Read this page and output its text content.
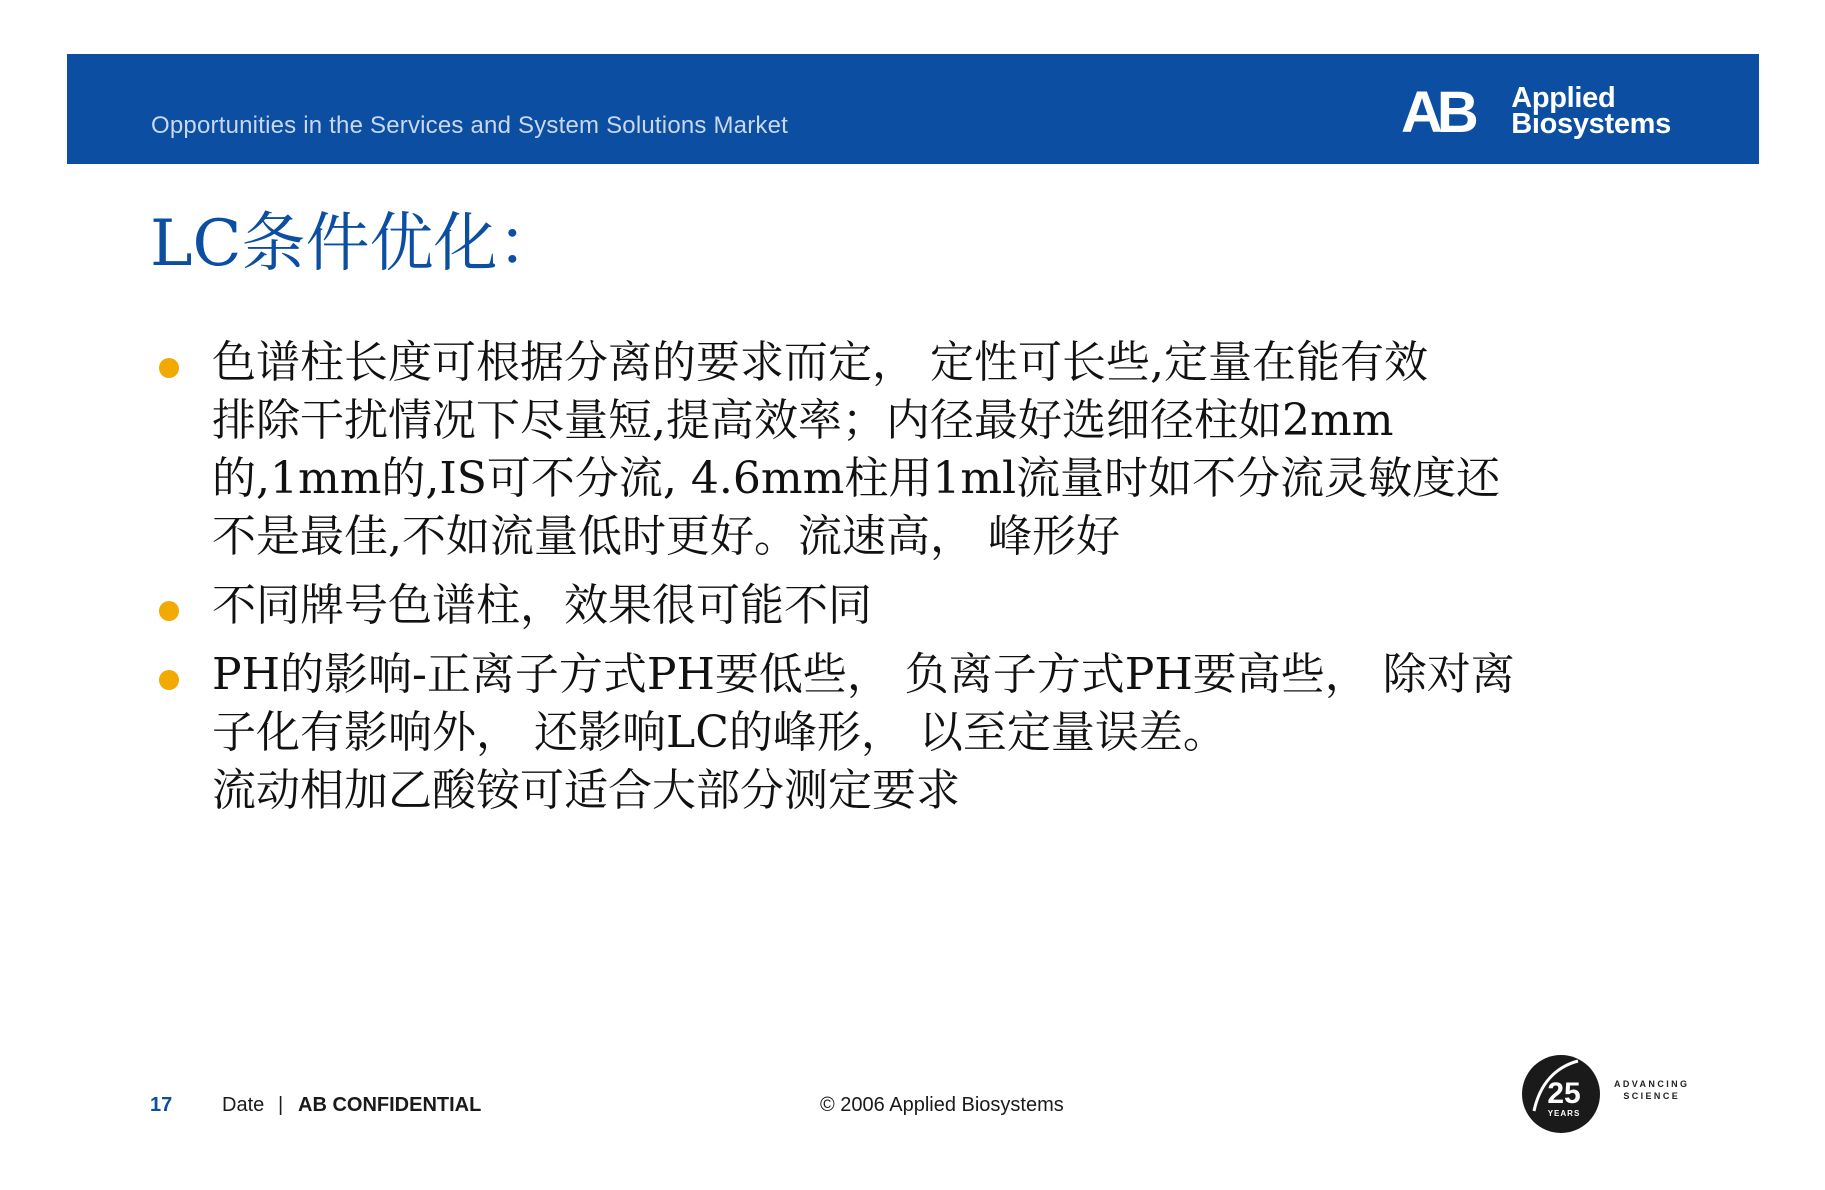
Opportunities in the Services and System Solutions Market	AB Applied
Biosystems
LC条件优化：
色谱柱长度可根据分离的要求而定， 定性可长些,定量在能有效
排除干扰情况下尽量短,提高效率；内径最好选细径柱如2mm
的,1mm的,IS可不分流, 4.6mm柱用1ml流量时如不分流灵敏度还
不是最佳,不如流量低时更好。流速高， 峰形好
不同牌号色谱柱，效果很可能不同
PH的影响-正离子方式PH要低些， 负离子方式PH要高些， 除对离
子化有影响外， 还影响LC的峰形， 以至定量误差。
流动相加乙酸铵可适合大部分测定要求
17 Date | AB CONFIDENTIAL	© 2006 Applied Biosystems	25
YEARS
ADVANCING
SCIENCE
